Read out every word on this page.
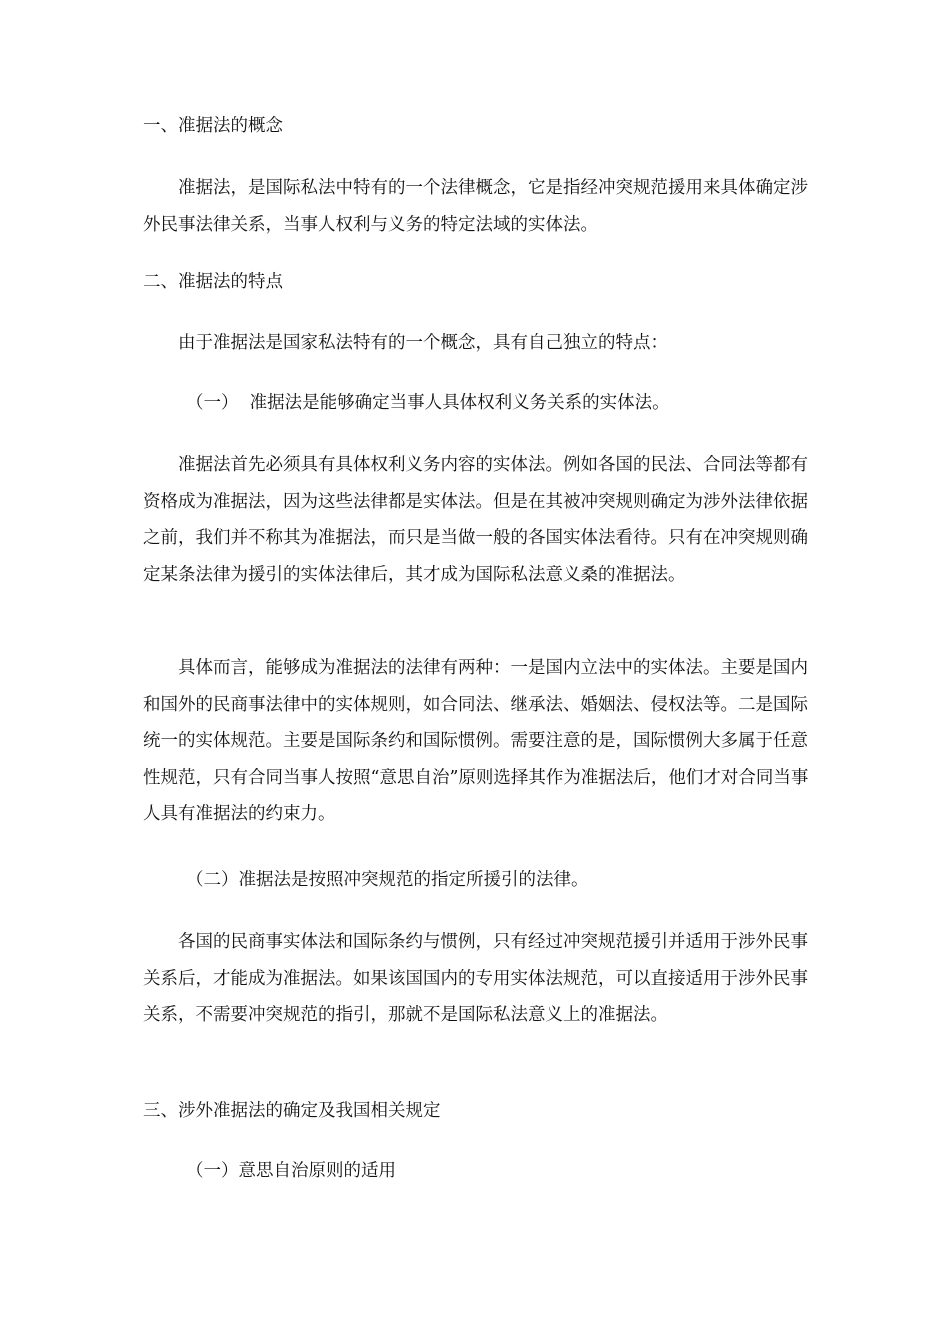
一、准据法的概念

准据法，是国际私法中特有的一个法律概念，它是指经冲突规范援用来具体确定涉外民事法律关系，当事人权利与义务的特定法域的实体法。

二、准据法的特点

由于准据法是国家私法特有的一个概念，具有自己独立的特点：

（一）  准据法是能够确定当事人具体权利义务关系的实体法。

准据法首先必须具有具体权利义务内容的实体法。例如各国的民法、合同法等都有资格成为准据法，因为这些法律都是实体法。但是在其被冲突规则确定为涉外法律依据之前，我们并不称其为准据法，而只是当做一般的各国实体法看待。只有在冲突规则确定某条法律为援引的实体法律后，其才成为国际私法意义桑的准据法。

具体而言，能够成为准据法的法律有两种：一是国内立法中的实体法。主要是国内和国外的民商事法律中的实体规则，如合同法、继承法、婚姻法、侵权法等。二是国际统一的实体规范。主要是国际条约和国际惯例。需要注意的是，国际惯例大多属于任意性规范，只有合同当事人按照“意思自治”原则选择其作为准据法后，他们才对合同当事人具有准据法的约束力。

（二）准据法是按照冲突规范的指定所援引的法律。

各国的民商事实体法和国际条约与惯例，只有经过冲突规范援引并适用于涉外民事关系后，才能成为准据法。如果该国国内的专用实体法规范，可以直接适用于涉外民事关系，不需要冲突规范的指引，那就不是国际私法意义上的准据法。

三、涉外准据法的确定及我国相关规定

（一）意思自治原则的适用
